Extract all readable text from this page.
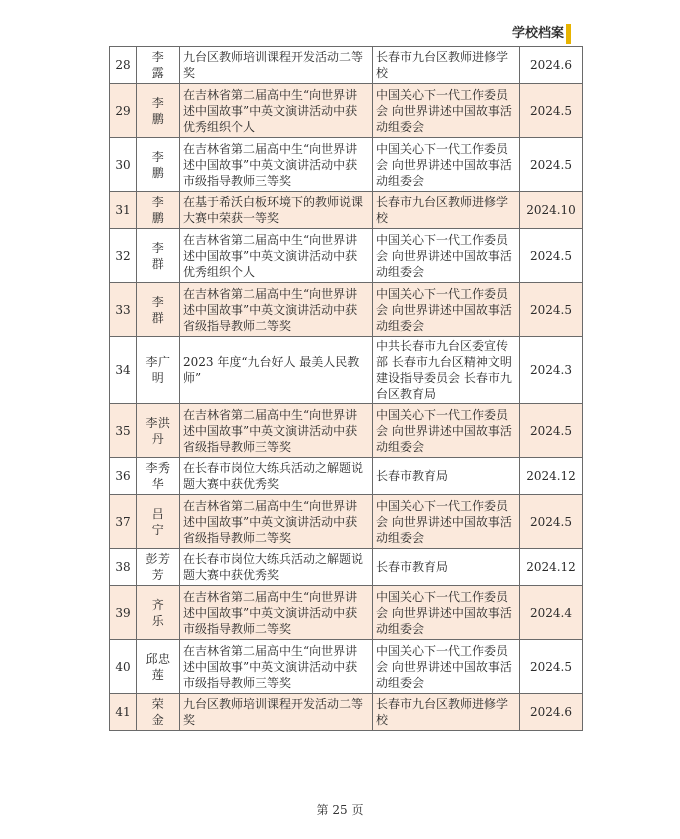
学校档案
28	李　露	九台区教师培训课程开发活动二等奖	长春市九台区教师进修学校	2024.6
29	李　鹏	在吉林省第二届高中生“向世界讲述中国故事”中英文演讲活动中获优秀组织个人	中国关心下一代工作委员会 向世界讲述中国故事活动组委会	2024.5
30	李　鹏	在吉林省第二届高中生“向世界讲述中国故事”中英文演讲活动中获市级指导教师三等奖	中国关心下一代工作委员会 向世界讲述中国故事活动组委会	2024.5
31	李　鹏	在基于希沃白板环境下的教师说课大赛中荣获一等奖	长春市九台区教师进修学校	2024.10
32	李　群	在吉林省第二届高中生“向世界讲述中国故事”中英文演讲活动中获优秀组织个人	中国关心下一代工作委员会 向世界讲述中国故事活动组委会	2024.5
33	李　群	在吉林省第二届高中生“向世界讲述中国故事”中英文演讲活动中获省级指导教师二等奖	中国关心下一代工作委员会 向世界讲述中国故事活动组委会	2024.5
34	李广明	2023 年度“九台好人 最美人民教师”	中共长春市九台区委宣传部 长春市九台区精神文明建设指导委员会 长春市九台区教育局	2024.3
35	李洪丹	在吉林省第二届高中生“向世界讲述中国故事”中英文演讲活动中获省级指导教师三等奖	中国关心下一代工作委员会 向世界讲述中国故事活动组委会	2024.5
36	李秀华	在长春市岗位大练兵活动之解题说题大赛中获优秀奖	长春市教育局	2024.12
37	吕　宁	在吉林省第二届高中生“向世界讲述中国故事”中英文演讲活动中获省级指导教师二等奖	中国关心下一代工作委员会 向世界讲述中国故事活动组委会	2024.5
38	彭芳芳	在长春市岗位大练兵活动之解题说题大赛中获优秀奖	长春市教育局	2024.12
39	齐　乐	在吉林省第二届高中生“向世界讲述中国故事”中英文演讲活动中获市级指导教师二等奖	中国关心下一代工作委员会 向世界讲述中国故事活动组委会	2024.4
40	邱忠莲	在吉林省第二届高中生“向世界讲述中国故事”中英文演讲活动中获市级指导教师三等奖	中国关心下一代工作委员会 向世界讲述中国故事活动组委会	2024.5
41	荣　金	九台区教师培训课程开发活动二等奖	长春市九台区教师进修学校	2024.6
第 25 页
